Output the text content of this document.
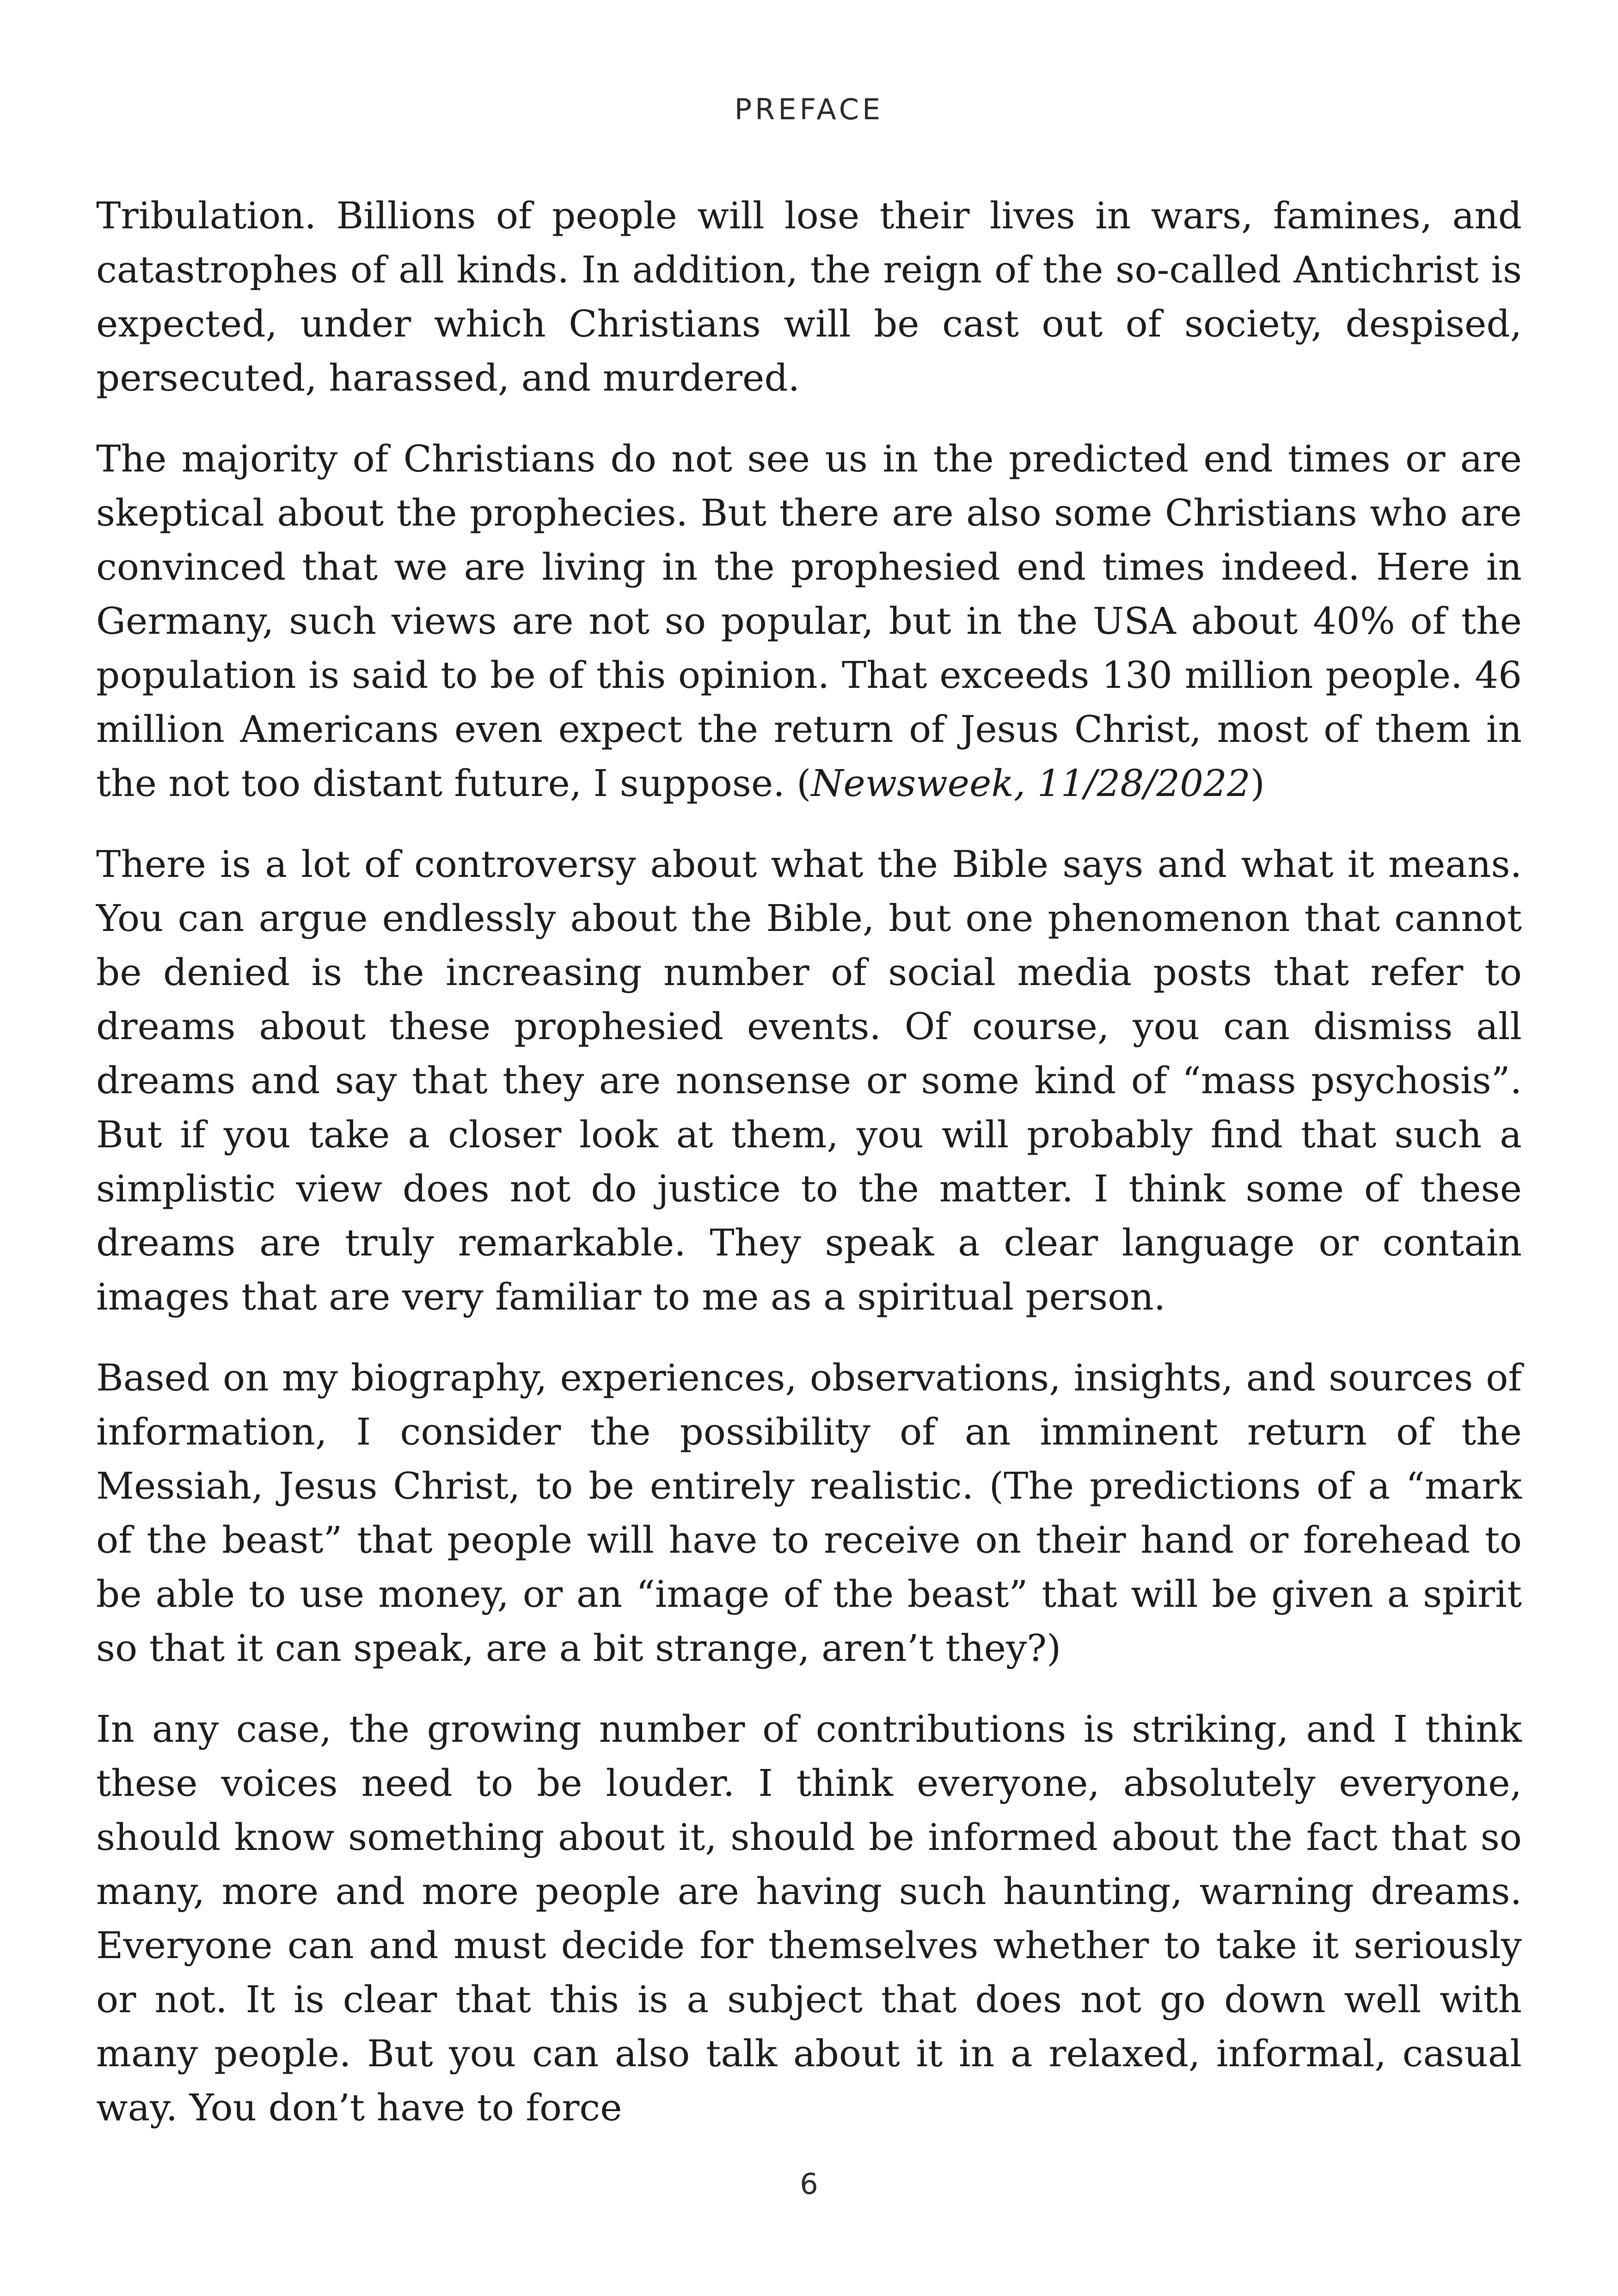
PREFACE

Tribulation. Billions of people will lose their lives in wars, famines, and catastrophes of all kinds. In addition, the reign of the so-called Antichrist is expected, under which Christians will be cast out of society, despised, persecuted, harassed, and murdered.

The majority of Christians do not see us in the predicted end times or are skeptical about the prophecies. But there are also some Christians who are convinced that we are living in the prophesied end times indeed. Here in Germany, such views are not so popular, but in the USA about 40% of the population is said to be of this opinion. That exceeds 130 million people. 46 million Americans even expect the return of Jesus Christ, most of them in the not too distant future, I suppose. (Newsweek, 11/28/2022)

There is a lot of controversy about what the Bible says and what it means. You can argue endlessly about the Bible, but one phenomenon that cannot be denied is the increasing number of social media posts that refer to dreams about these prophesied events. Of course, you can dismiss all dreams and say that they are nonsense or some kind of “mass psychosis”. But if you take a closer look at them, you will probably find that such a simplistic view does not do justice to the matter. I think some of these dreams are truly remarkable. They speak a clear language or contain images that are very familiar to me as a spiritual person.

Based on my biography, experiences, observations, insights, and sources of information, I consider the possibility of an imminent return of the Messiah, Jesus Christ, to be entirely realistic. (The predictions of a “mark of the beast” that people will have to receive on their hand or forehead to be able to use money, or an “image of the beast” that will be given a spirit so that it can speak, are a bit strange, aren’t they?)

In any case, the growing number of contributions is striking, and I think these voices need to be louder. I think everyone, absolutely everyone, should know something about it, should be informed about the fact that so many, more and more people are having such haunting, warning dreams. Everyone can and must decide for themselves whether to take it seriously or not. It is clear that this is a subject that does not go down well with many people. But you can also talk about it in a relaxed, informal, casual way. You don’t have to force

6
